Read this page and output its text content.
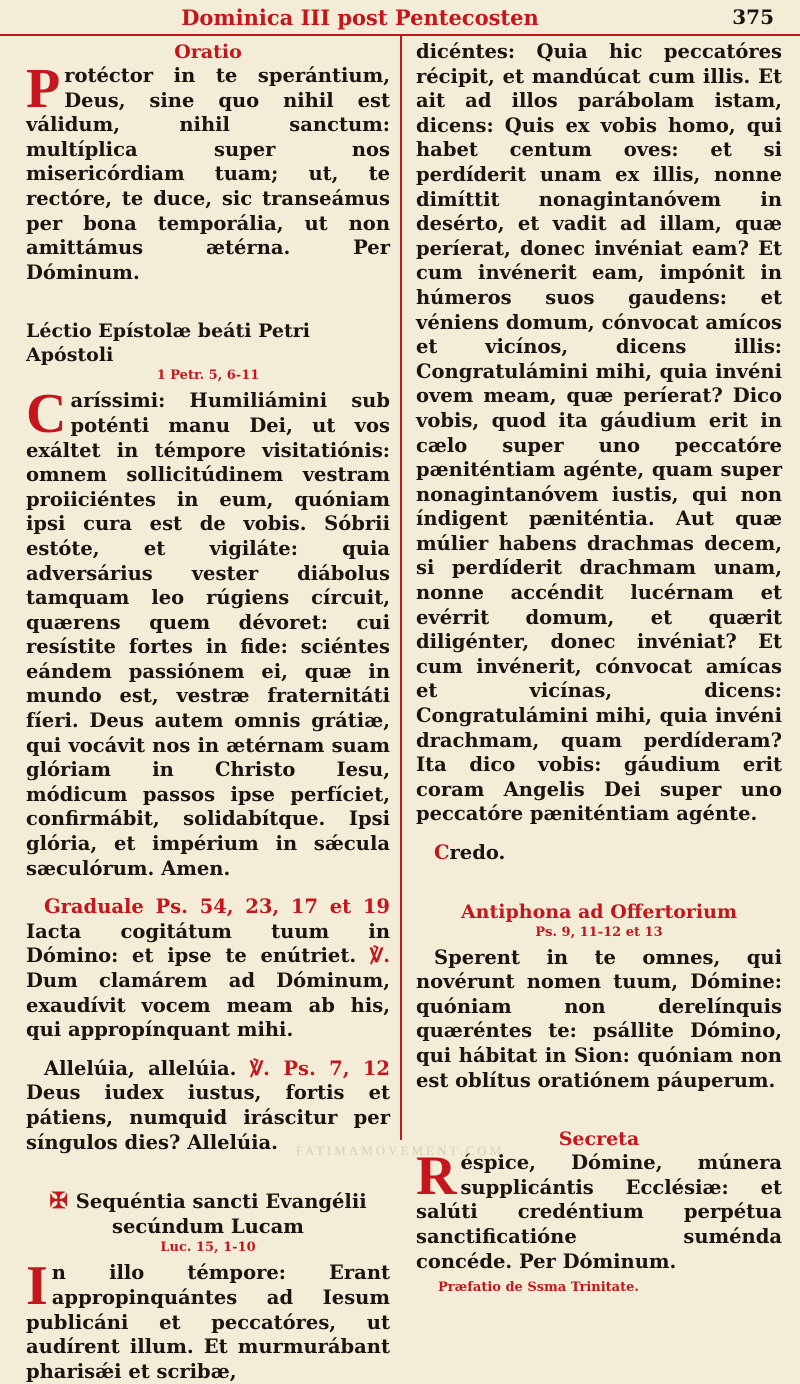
Dominica III post Pentecosten	375
Oratio

Protéctor in te sperántium, Deus, sine quo nihil est válidum, nihil sanctum: multíplica super nos misericórdiam tuam; ut, te rectóre, te duce, sic transeámus per bona temporália, ut non amittámus ætérna. Per Dóminum.

Léctio Epístolæ beáti Petri Apóstoli
1 Petr. 5, 6-11

Caríssimi: Humiliámini sub poténti manu Dei, ut vos exáltet in témpore visitatiónis: omnem sollicitúdinem vestram proiiciéntes in eum, quóniam ipsi cura est de vobis. Sóbrii estóte, et vigiláte: quia adversárius vester diábolus tamquam leo rúgiens círcuit, quærens quem dévoret: cui resístite fortes in fide: sciéntes eándem passiónem ei, quæ in mundo est, vestræ fraternitáti fíeri. Deus autem omnis grátiæ, qui vocávit nos in ætérnam suam glóriam in Christo Iesu, módicum passos ipse perfíciet, confirmábit, solidabítque. Ipsi glória, et impérium in sǽcula sæculórum. Amen.

Graduale Ps. 54, 23, 17 et 19 Iacta cogitátum tuum in Dómino: et ipse te enútriet. ℣. Dum clamárem ad Dóminum, exaudívit vocem meam ab his, qui appropínquant mihi.

Allelúia, allelúia. ℣. Ps. 7, 12 Deus iudex iustus, fortis et pátiens, numquid iráscitur per síngulos dies? Allelúia.

✠ Sequéntia sancti Evangélii secúndum Lucam

Luc. 15, 1-10

In illo témpore: Erant appropinquántes ad Iesum publicáni et peccatóres, ut audírent illum. Et murmurábant pharisǽi et scribæ,

dicéntes: Quia hic peccatóres récipit, et mandúcat cum illis. Et ait ad illos parábolam istam, dicens: Quis ex vobis homo, qui habet centum oves: et si perdíderit unam ex illis, nonne dimíttit nonagintanóvem in desérto, et vadit ad illam, quæ períerat, donec invéniat eam? Et cum invénerit eam, impónit in húmeros suos gaudens: et véniens domum, cónvocat amícos et vicínos, dicens illis: Congratulámini mihi, quia invéni ovem meam, quæ períerat? Dico vobis, quod ita gáudium erit in cælo super uno peccatóre pæniténtiam agénte, quam super nonagintanóvem iustis, qui non índigent pæniténtia. Aut quæ múlier habens drachmas decem, si perdíderit drachmam unam, nonne accéndit lucérnam et evérrit domum, et quærit diligénter, donec invéniat? Et cum invénerit, cónvocat amícas et vicínas, dicens: Congratulámini mihi, quia invéni drachmam, quam perdíderam? Ita dico vobis: gáudium erit coram Angelis Dei super uno peccatóre pæniténtiam agénte.

Credo.

Antiphona ad Offertorium
Ps. 9, 11-12 et 13

Sperent in te omnes, qui novérunt nomen tuum, Dómine: quóniam non derelínquis quæréntes te: psállite Dómino, qui hábitat in Sion: quóniam non est oblítus oratiónem páuperum.

Secreta

Réspice, Dómine, múnera supplicántis Ecclésiæ: et salúti credéntium perpétua sanctificatióne suménda concéde. Per Dóminum.

Præfatio de Ssma Trinitate.
FATIMAMOVEMENT.COM
